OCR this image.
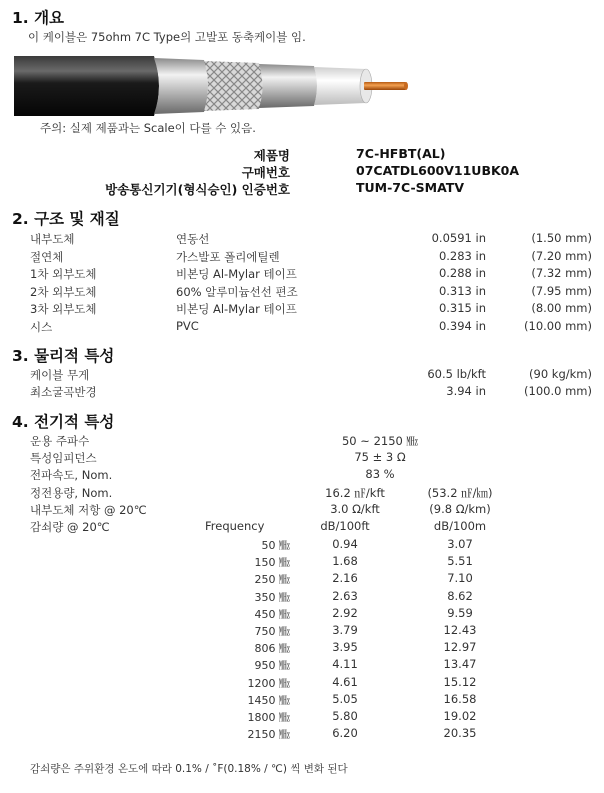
1. 개요
이 케이블은 75ohm 7C Type의 고발포 동축케이블 임.
주의: 실제 제품과는 Scale이 다를 수 있음.
제품명	7C-HFBT(AL)
구매번호	07CATDL600V11UBK0A
방송통신기기(형식승인) 인증번호	TUM-7C-SMATV
2. 구조 및 재질
내부도체	연동선	0.0591 in	(1.50 mm)
절연체	가스발포 폴리에틸렌	0.283 in	(7.20 mm)
1차 외부도체	비본딩 Al-Mylar 테이프	0.288 in	(7.32 mm)
2차 외부도체	60% 알루미늄선선 편조	0.313 in	(7.95 mm)
3차 외부도체	비본딩 Al-Mylar 테이프	0.315 in	(8.00 mm)
시스	PVC	0.394 in	(10.00 mm)
3. 물리적 특성
케이블 무게	60.5 lb/kft	(90 kg/km)
최소굴곡반경	3.94 in	(100.0 mm)
4. 전기적 특성
운용 주파수	50 ~ 2150 ㎒
특성임피던스	75 ± 3 Ω
전파속도, Nom.	83 %
정전용량, Nom.	16.2 ㎋/kft	(53.2 ㎋/㎞)
내부도체 저항 @ 20℃	3.0 Ω/kft	(9.8 Ω/km)
감쇠량 @ 20℃	Frequency	dB/100ft	dB/100m
50 ㎒	0.94	3.07
150 ㎒	1.68	5.51
250 ㎒	2.16	7.10
350 ㎒	2.63	8.62
450 ㎒	2.92	9.59
750 ㎒	3.79	12.43
806 ㎒	3.95	12.97
950 ㎒	4.11	13.47
1200 ㎒	4.61	15.12
1450 ㎒	5.05	16.58
1800 ㎒	5.80	19.02
2150 ㎒	6.20	20.35
감쇠량은 주위환경 온도에 따라 0.1% / ˚F(0.18% / ℃) 씩 변화 된다
